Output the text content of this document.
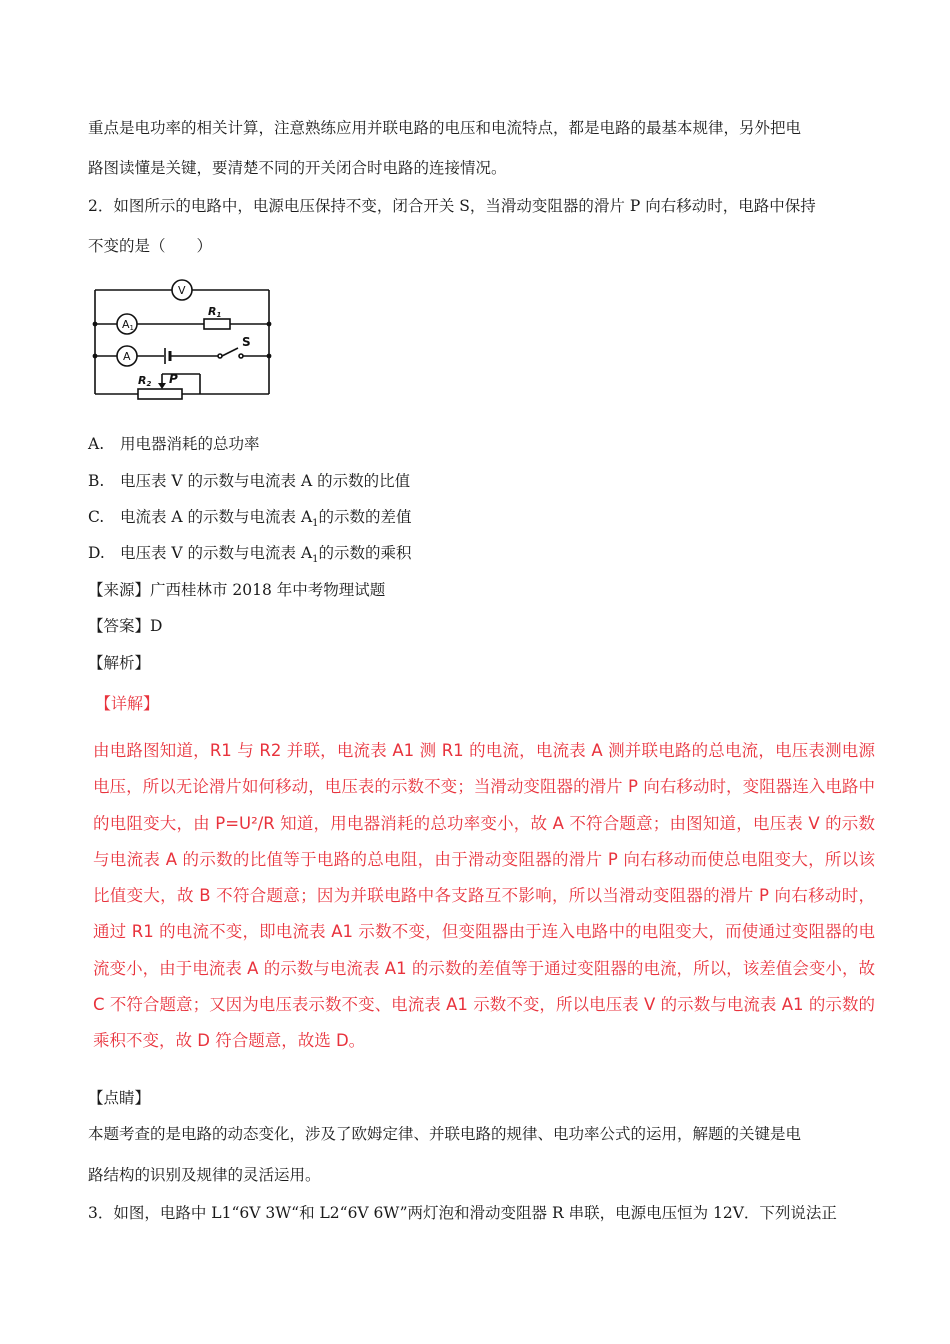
重点是电功率的相关计算，注意熟练应用并联电路的电压和电流特点，都是电路的最基本规律，另外把电
路图读懂是关键，要清楚不同的开关闭合时电路的连接情况。
2．如图所示的电路中，电源电压保持不变，闭合开关 S，当滑动变阻器的滑片 P 向右移动时，电路中保持
不变的是（　　）
V
A1
A
R1
S
R2 P
A. 用电器消耗的总功率
B. 电压表 V 的示数与电流表 A 的示数的比值
C. 电流表 A 的示数与电流表 $A_1$的示数的差值
D. 电压表 V 的示数与电流表 $A_1$的示数的乘积
【来源】广西桂林市 2018 年中考物理试题
【答案】D
【解析】
【详解】
由电路图知道，R1 与 R2 并联，电流表 A1 测 R1 的电流，电流表 A 测并联电路的总电流，电压表测电源电压，所以无论滑片如何移动，电压表的示数不变；当滑动变阻器的滑片 P 向右移动时，变阻器连入电路中的电阻变大，由 P=U²/R 知道，用电器消耗的总功率变小，故 A 不符合题意；由图知道，电压表 V 的示数与电流表 A 的示数的比值等于电路的总电阻，由于滑动变阻器的滑片 P 向右移动而使总电阻变大，所以该比值变大，故 B 不符合题意；因为并联电路中各支路互不影响，所以当滑动变阻器的滑片 P 向右移动时，通过 R1 的电流不变，即电流表 A1 示数不变，但变阻器由于连入电路中的电阻变大，而使通过变阻器的电流变小，由于电流表 A 的示数与电流表 A1 的示数的差值等于通过变阻器的电流，所以，该差值会变小，故 C 不符合题意；又因为电压表示数不变、电流表 A1 示数不变，所以电压表 V 的示数与电流表 A1 的示数的乘积不变，故 D 符合题意，故选 D。
【点睛】
本题考查的是电路的动态变化，涉及了欧姆定律、并联电路的规律、电功率公式的运用，解题的关键是电
路结构的识别及规律的灵活运用。
3．如图，电路中 L1“6V 3W“和 L2“6V 6W”两灯泡和滑动变阻器 R 串联，电源电压恒为 12V．下列说法正
